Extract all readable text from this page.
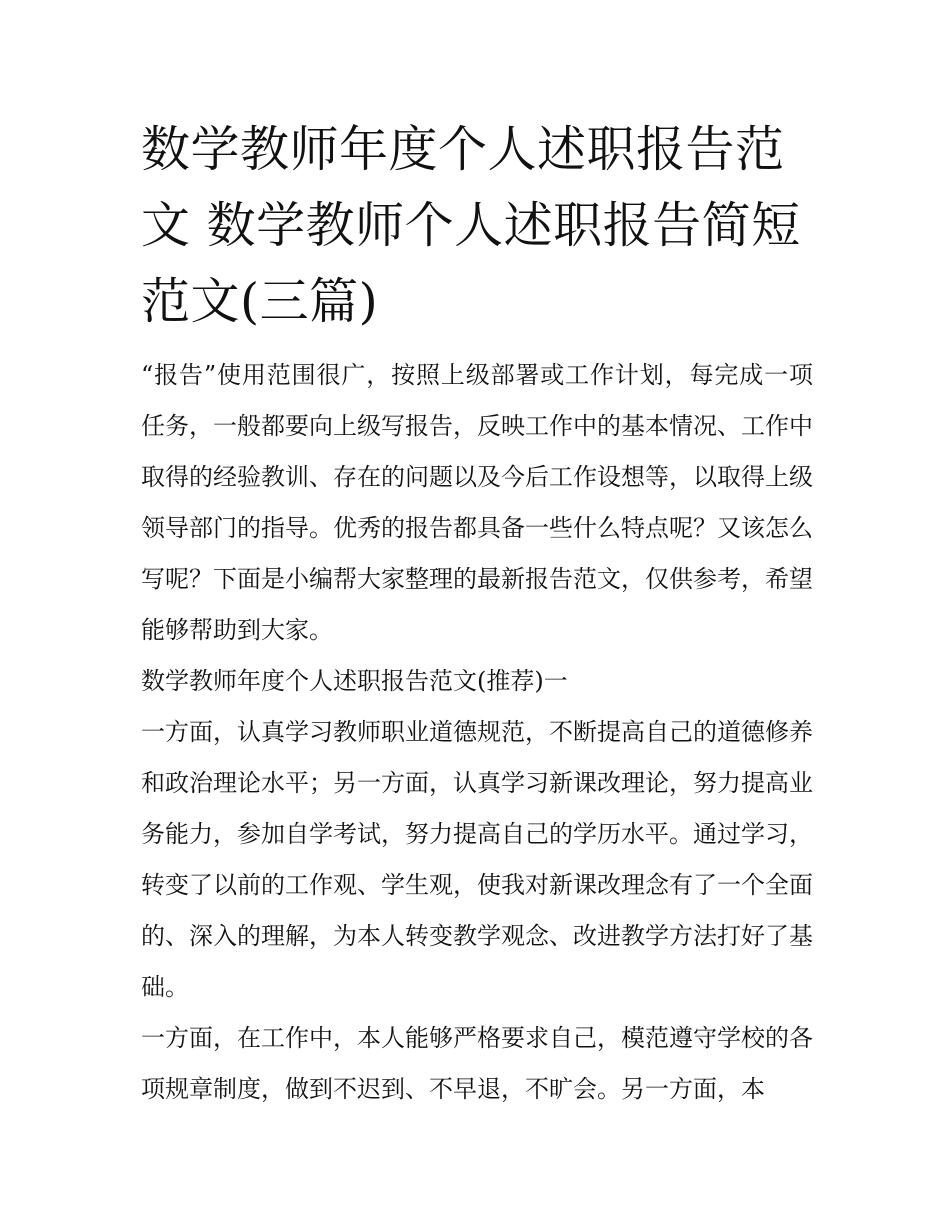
数学教师年度个人述职报告范文 数学教师个人述职报告简短范文(三篇)

“报告”使用范围很广，按照上级部署或工作计划，每完成一项任务，一般都要向上级写报告，反映工作中的基本情况、工作中取得的经验教训、存在的问题以及今后工作设想等，以取得上级领导部门的指导。优秀的报告都具备一些什么特点呢？又该怎么写呢？下面是小编帮大家整理的最新报告范文，仅供参考，希望能够帮助到大家。

数学教师年度个人述职报告范文(推荐)一

一方面，认真学习教师职业道德规范，不断提高自己的道德修养和政治理论水平；另一方面，认真学习新课改理论，努力提高业务能力，参加自学考试，努力提高自己的学历水平。通过学习，转变了以前的工作观、学生观，使我对新课改理念有了一个全面的、深入的理解，为本人转变教学观念、改进教学方法打好了基础。

一方面，在工作中，本人能够严格要求自己，模范遵守学校的各项规章制度，做到不迟到、不早退，不旷会。另一方面，本
